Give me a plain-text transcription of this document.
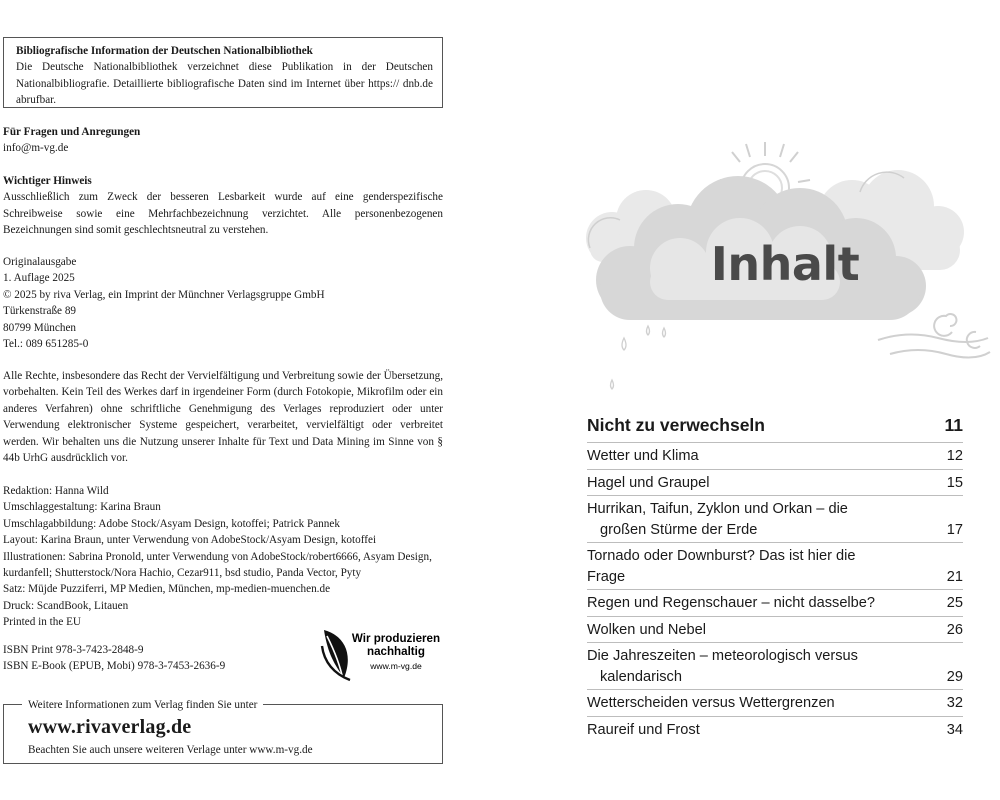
Bibliografische Information der Deutschen Nationalbibliothek

Die Deutsche Nationalbibliothek verzeichnet diese Publikation in der Deutschen Nationalbibliografie. Detaillierte bibliografische Daten sind im Internet über https:// dnb.de abrufbar.

Für Fragen und Anregungen
info@m-vg.de
Wichtiger Hinweis

Ausschließlich zum Zweck der besseren Lesbarkeit wurde auf eine genderspezifische Schreibweise sowie eine Mehrfachbezeichnung verzichtet. Alle personenbezogenen Bezeichnungen sind somit geschlechtsneutral zu verstehen.

Originalausgabe
1. Auflage 2025
© 2025 by riva Verlag, ein Imprint der Münchner Verlagsgruppe GmbH
Türkenstraße 89
80799 München
Tel.: 089 651285-0

Alle Rechte, insbesondere das Recht der Vervielfältigung und Verbreitung sowie der Übersetzung, vorbehalten. Kein Teil des Werkes darf in irgendeiner Form (durch Fotokopie, Mikrofilm oder ein anderes Verfahren) ohne schriftliche Genehmigung des Verlages reproduziert oder unter Verwendung elektronischer Systeme gespeichert, verarbeitet, vervielfältigt oder verbreitet werden. Wir behalten uns die Nutzung unserer Inhalte für Text und Data Mining im Sinne von § 44b UrhG ausdrücklich vor.

Redaktion: Hanna Wild
Umschlaggestaltung: Karina Braun
Umschlagabbildung: Adobe Stock/Asyam Design, kotoffei; Patrick Pannek
Layout: Karina Braun, unter Verwendung von AdobeStock/Asyam Design, kotoffei
Illustrationen: Sabrina Pronold, unter Verwendung von AdobeStock/robert6666, Asyam Design, kurdanfell; Shutterstock/Nora Hachio, Cezar911, bsd studio, Panda Vector, Pyty
Satz: Müjde Puzziferri, MP Medien, München, mp-medien-muenchen.de
Druck: ScandBook, Litauen
Printed in the EU
ISBN Print 978-3-7423-2848-9
ISBN E-Book (EPUB, Mobi) 978-3-7453-2636-9
Wir produzieren
nachhaltig
www.m-vg.de
Weitere Informationen zum Verlag finden Sie unter
www.rivaverlag.de
Beachten Sie auch unsere weiteren Verlage unter www.m-vg.de
Inhalt
Nicht zu verwechseln	11
Wetter und Klima	12
Hagel und Graupel	15
Hurrikan, Taifun, Zyklon und Orkan – die
großen Stürme der Erde	17
Tornado oder Downburst? Das ist hier die Frage	21
Regen und Regenschauer – nicht dasselbe?	25
Wolken und Nebel	26
Die Jahreszeiten – meteorologisch versus
kalendarisch	29
Wetterscheiden versus Wettergrenzen	32
Raureif und Frost	34
